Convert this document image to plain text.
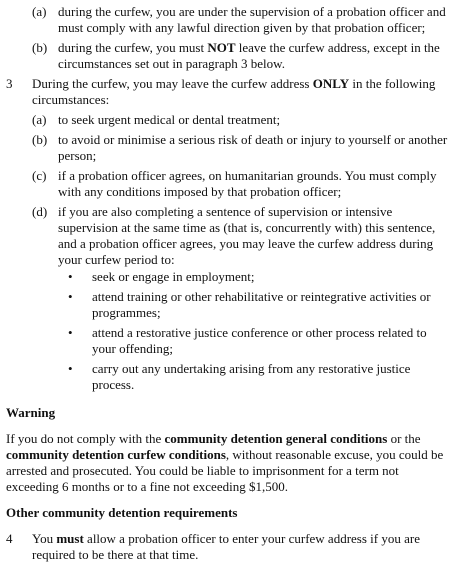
(a) during the curfew, you are under the supervision of a probation officer and must comply with any lawful direction given by that probation officer;
(b) during the curfew, you must NOT leave the curfew address, except in the circumstances set out in paragraph 3 below.
3	During the curfew, you may leave the curfew address ONLY in the following circumstances:
(a) to seek urgent medical or dental treatment;
(b) to avoid or minimise a serious risk of death or injury to yourself or another person;
(c) if a probation officer agrees, on humanitarian grounds. You must comply with any conditions imposed by that probation officer;
(d) if you are also completing a sentence of supervision or intensive supervision at the same time as (that is, concurrently with) this sentence, and a probation officer agrees, you may leave the curfew address during your curfew period to:
•	seek or engage in employment;
•	attend training or other rehabilitative or reintegrative activities or programmes;
•	attend a restorative justice conference or other process related to your offending;
•	carry out any undertaking arising from any restorative justice process.
Warning
If you do not comply with the community detention general conditions or the community detention curfew conditions, without reasonable excuse, you could be arrested and prosecuted. You could be liable to imprisonment for a term not exceeding 6 months or to a fine not exceeding $1,500.
Other community detention requirements
4	You must allow a probation officer to enter your curfew address if you are required to be there at that time.
